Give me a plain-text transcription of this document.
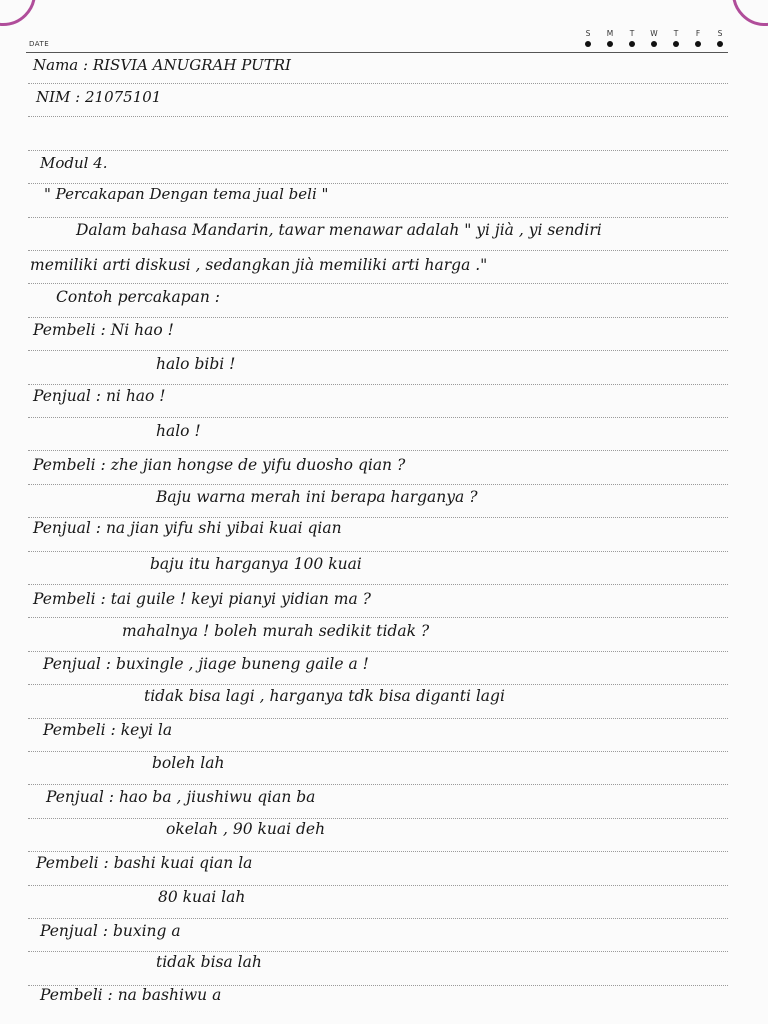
DATE
S M T W T F S
Nama : RISVIA ANUGRAH PUTRI
NIM : 21075101
Modul 4.
" Percakapan Dengan tema jual beli "
Dalam bahasa Mandarin, tawar menawar adalah " yi jià , yi sendiri
memiliki arti diskusi , sedangkan jià memiliki arti harga ."
Contoh percakapan :
Pembeli : Ni hao !
halo bibi !
Penjual : ni hao !
halo !
Pembeli : zhe jian hongse de yifu duosho qian ?
Baju warna merah ini berapa harganya ?
Penjual : na jian yifu shi yibai kuai qian
baju itu harganya 100 kuai
Pembeli : tai guile ! keyi pianyi yidian ma ?
mahalnya ! boleh murah sedikit tidak ?
Penjual : buxingle , jiage buneng gaile a !
tidak bisa lagi , harganya tdk bisa diganti lagi
Pembeli : keyi la
boleh lah
Penjual : hao ba , jiushiwu qian ba
okelah , 90 kuai deh
Pembeli : bashi kuai qian la
80 kuai lah
Penjual : buxing a
tidak bisa lah
Pembeli : na bashiwu a
